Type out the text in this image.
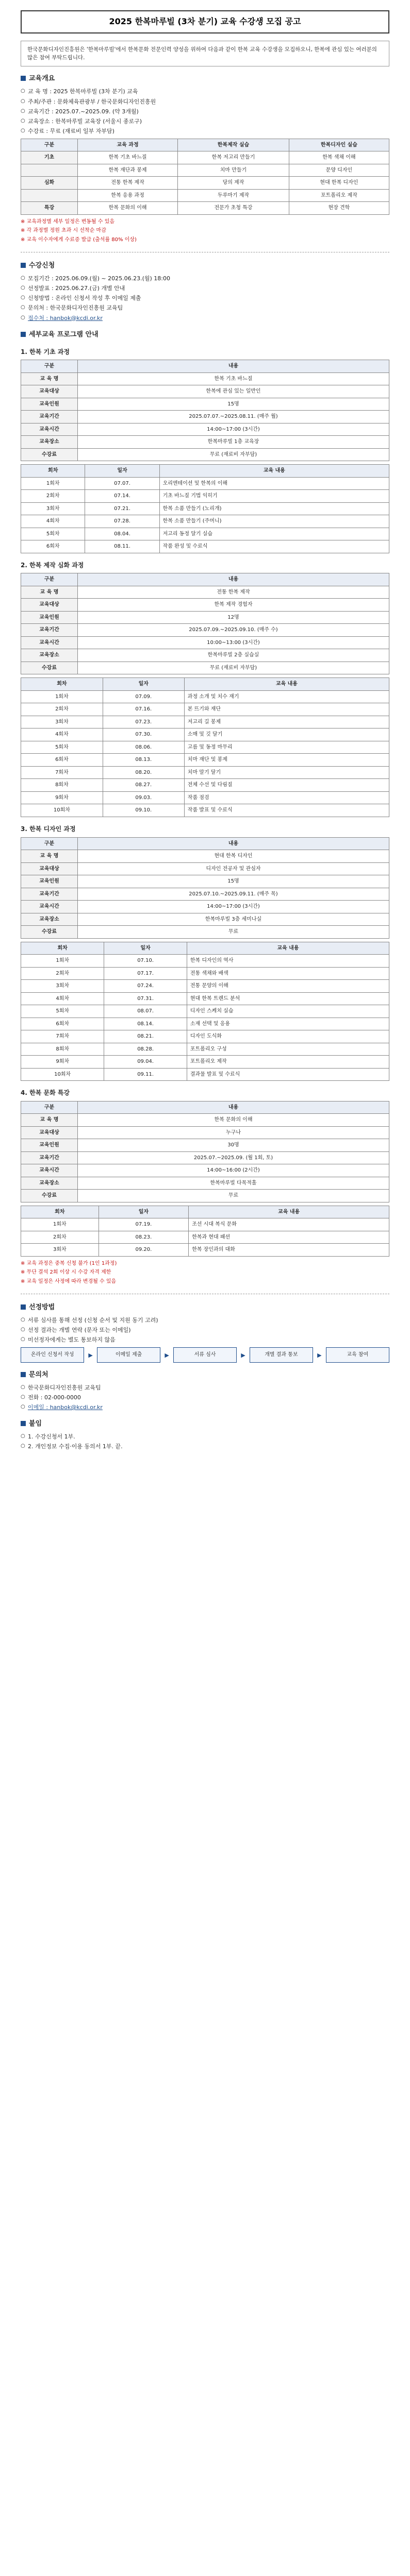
2025 한복마루빌 (3차 분기) 교육 수강생 모집 공고
한국문화디자인진흥원은 '한복마루빌'에서 한복문화 전문인력 양성을 위하여 다음과 같이 한복 교육 수강생을 모집하오니, 한복에 관심 있는 여러분의 많은 참여 부탁드립니다.
교육개요
○ 교 육 명 : 2025 한복마루빌 (3차 분기) 교육
○ 주최/주관 : 문화체육관광부 / 한국문화디자인진흥원
○ 교육기간 : 2025.07.~2025.09. (약 3개월)
○ 교육장소 : 한복마루빌 교육장 (서울시 종로구)
○ 수강료 : 무료 (재료비 일부 자부담)
구분	교육 과정	한복제작 실습	한복디자인 실습
기초	한복 기초 바느질	한복 저고리 만들기	한복 색채 이해
	한복 재단과 봉제	치마 만들기	문양 디자인
심화	전통 한복 제작	당의 제작	현대 한복 디자인
	한복 응용 과정	두루마기 제작	포트폴리오 제작
특강	한복 문화의 이해	전문가 초청 특강	현장 견학
※ 교육과정별 세부 일정은 변동될 수 있음
※ 각 과정별 정원 초과 시 선착순 마감
※ 교육 이수자에게 수료증 발급 (출석률 80% 이상)
수강신청
○ 모집기간 : 2025.06.09.(월) ~ 2025.06.23.(월) 18:00
○ 선정발표 : 2025.06.27.(금) 개별 안내
○ 신청방법 : 온라인 신청서 작성 후 이메일 제출
○ 문의처 : 한국문화디자인진흥원 교육팀
○ 접수처 : hanbok@kcdi.or.kr
세부교육 프로그램 안내
1. 한복 기초 과정
구분	내용
교 육 명	한복 기초 바느질
교육대상	한복에 관심 있는 일반인
교육인원	15명
교육기간	2025.07.07.~2025.08.11. (매주 월)
교육시간	14:00~17:00 (3시간)
교육장소	한복마루빌 1층 교육장
수강료	무료 (재료비 자부담)
회차	일자	교육 내용
1회차	07.07.	오리엔테이션 및 한복의 이해
2회차	07.14.	기초 바느질 기법 익히기
3회차	07.21.	한복 소품 만들기 (노리개)
4회차	07.28.	한복 소품 만들기 (주머니)
5회차	08.04.	저고리 동정 달기 실습
6회차	08.11.	작품 완성 및 수료식
2. 한복 제작 심화 과정
구분	내용
교 육 명	전통 한복 제작
교육대상	한복 제작 경험자
교육인원	12명
교육기간	2025.07.09.~2025.09.10. (매주 수)
교육시간	10:00~13:00 (3시간)
교육장소	한복마루빌 2층 실습실
수강료	무료 (재료비 자부담)
회차	일자	교육 내용
1회차	07.09.	과정 소개 및 치수 재기
2회차	07.16.	본 뜨기와 재단
3회차	07.23.	저고리 길 봉제
4회차	07.30.	소매 및 깃 달기
5회차	08.06.	고름 및 동정 마무리
6회차	08.13.	치마 재단 및 봉제
7회차	08.20.	치마 말기 달기
8회차	08.27.	전체 수선 및 다림질
9회차	09.03.	작품 점검
10회차	09.10.	작품 발표 및 수료식
3. 한복 디자인 과정
구분	내용
교 육 명	현대 한복 디자인
교육대상	디자인 전공자 및 관심자
교육인원	15명
교육기간	2025.07.10.~2025.09.11. (매주 목)
교육시간	14:00~17:00 (3시간)
교육장소	한복마루빌 3층 세미나실
수강료	무료
회차	일자	교육 내용
1회차	07.10.	한복 디자인의 역사
2회차	07.17.	전통 색채와 배색
3회차	07.24.	전통 문양의 이해
4회차	07.31.	현대 한복 트렌드 분석
5회차	08.07.	디자인 스케치 실습
6회차	08.14.	소재 선택 및 응용
7회차	08.21.	디자인 도식화
8회차	08.28.	포트폴리오 구성
9회차	09.04.	포트폴리오 제작
10회차	09.11.	결과물 발표 및 수료식
4. 한복 문화 특강
구분	내용
교 육 명	한복 문화의 이해
교육대상	누구나
교육인원	30명
교육기간	2025.07.~2025.09. (월 1회, 토)
교육시간	14:00~16:00 (2시간)
교육장소	한복마루빌 다목적홀
수강료	무료
회차	일자	교육 내용
1회차	07.19.	조선 시대 복식 문화
2회차	08.23.	한복과 현대 패션
3회차	09.20.	한복 장인과의 대화
※ 교육 과정은 중복 신청 불가 (1인 1과정)
※ 무단 결석 2회 이상 시 수강 자격 제한
※ 교육 일정은 사정에 따라 변경될 수 있음
선정방법
○ 서류 심사를 통해 선정 (신청 순서 및 지원 동기 고려)
○ 선정 결과는 개별 연락 (문자 또는 이메일)
○ 미선정자에게는 별도 통보하지 않음
온라인 신청서 작성	▶	이메일 제출	▶	서류 심사	▶	개별 결과 통보	▶	교육 참여
문의처
○ 한국문화디자인진흥원 교육팀
○ 전화 : 02-000-0000
○ 이메일 : hanbok@kcdi.or.kr
붙임
○ 1. 수강신청서 1부.
○ 2. 개인정보 수집·이용 동의서 1부. 끝.
